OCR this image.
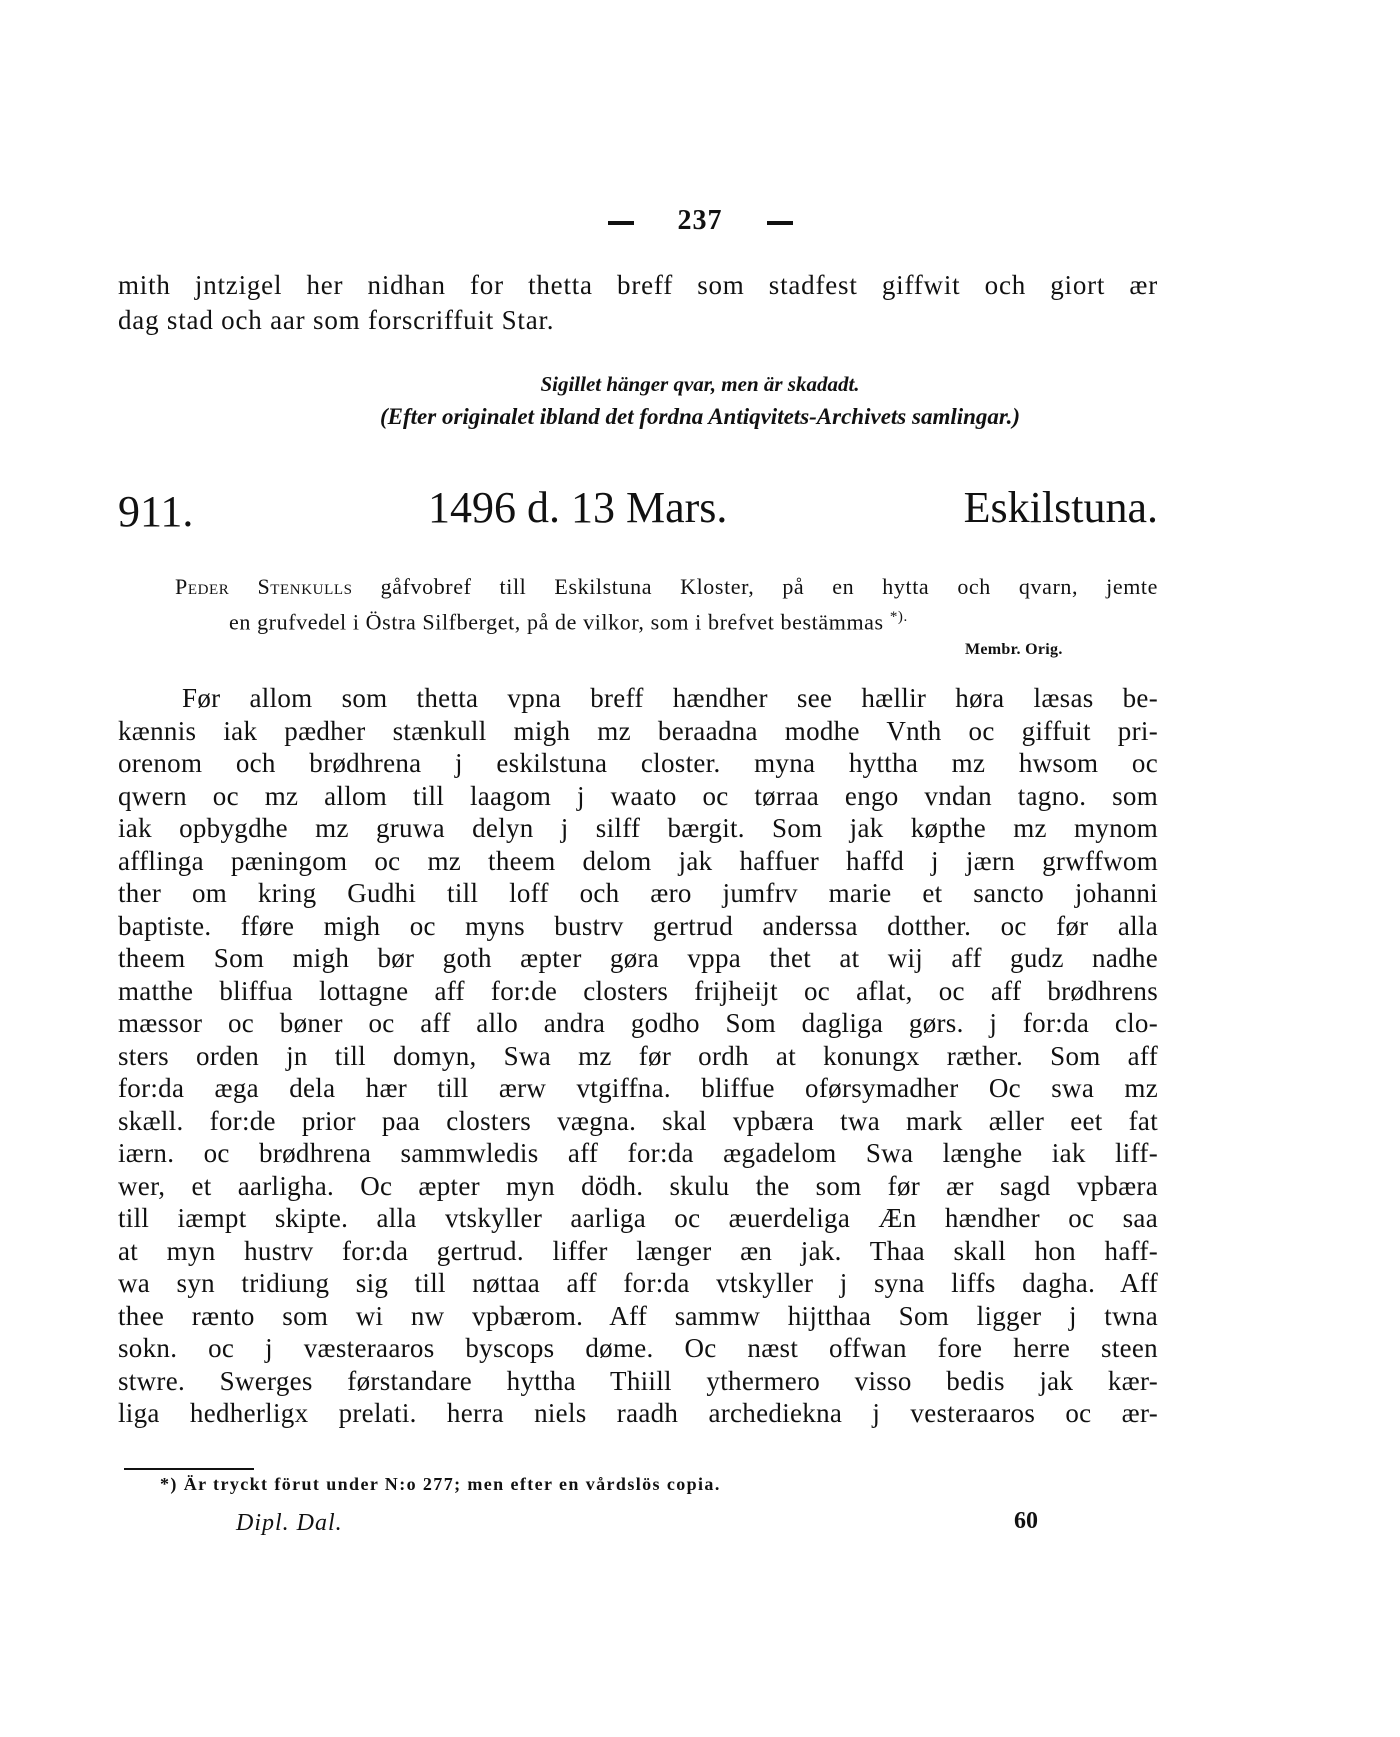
237
mith jntzigel her nidhan for thetta breff som stadfest giffwit och giort ær
dag stad och aar som forscriffuit Star.
Sigillet hänger qvar, men är skadadt.
(Efter originalet ibland det fordna Antiqvitets-Archivets samlingar.)
911.	1496 d. 13 Mars.	Eskilstuna.
Peder Stenkulls gåfvobref till Eskilstuna Kloster, på en hytta och qvarn, jemte
en grufvedel i Östra Silfberget, på de vilkor, som i brefvet bestämmas *).
Membr. Orig.
Før allom som thetta vpna breff hændher see hællir høra læsas be-
kænnis iak pædher stænkull migh mz beraadna modhe Vnth oc giffuit pri-
orenom och brødhrena j eskilstuna closter. myna hyttha mz hwsom oc
qwern oc mz allom till laagom j waato oc tørraa engo vndan tagno. som
iak opbygdhe mz gruwa delyn j silff bærgit. Som jak køpthe mz mynom
afflinga pæningom oc mz theem delom jak haffuer haffd j jærn grwffwom
ther om kring Gudhi till loff och æro jumfrv marie et sancto johanni
baptiste. fføre migh oc myns bustrv gertrud anderssa dotther. oc før alla
theem Som migh bør goth æpter gøra vppa thet at wij aff gudz nadhe
matthe bliffua lottagne aff for:de closters frijheijt oc aflat, oc aff brødhrens
mæssor oc bøner oc aff allo andra godho Som dagliga gørs. j for:da clo-
sters orden jn till domyn, Swa mz før ordh at konungx ræther. Som aff
for:da æga dela hær till ærw vtgiffna. bliffue oførsymadher Oc swa mz
skæll. for:de prior paa closters vægna. skal vpbæra twa mark æller eet fat
iærn. oc brødhrena sammwledis aff for:da ægadelom Swa længhe iak liff-
wer, et aarligha. Oc æpter myn dödh. skulu the som før ær sagd vpbæra
till iæmpt skipte. alla vtskyller aarliga oc æuerdeliga Æn hændher oc saa
at myn hustrv for:da gertrud. liffer længer æn jak. Thaa skall hon haff-
wa syn tridiung sig till nøttaa aff for:da vtskyller j syna liffs dagha. Aff
thee ræntо som wi nw vpbærom. Aff sammw hijtthaa Som ligger j twna
sokn. oc j væsteraaros byscops døme. Oc næst offwan fore herre steen
stwre. Swerges førstandare hyttha Thiill ythermero visso bedis jak kær-
liga hedherligx prelati. herra niels raadh archediekna j vesteraaros oc ær-
*) Är tryckt förut under N:o 277; men efter en vårdslös copia.
Dipl. Dal.	60
